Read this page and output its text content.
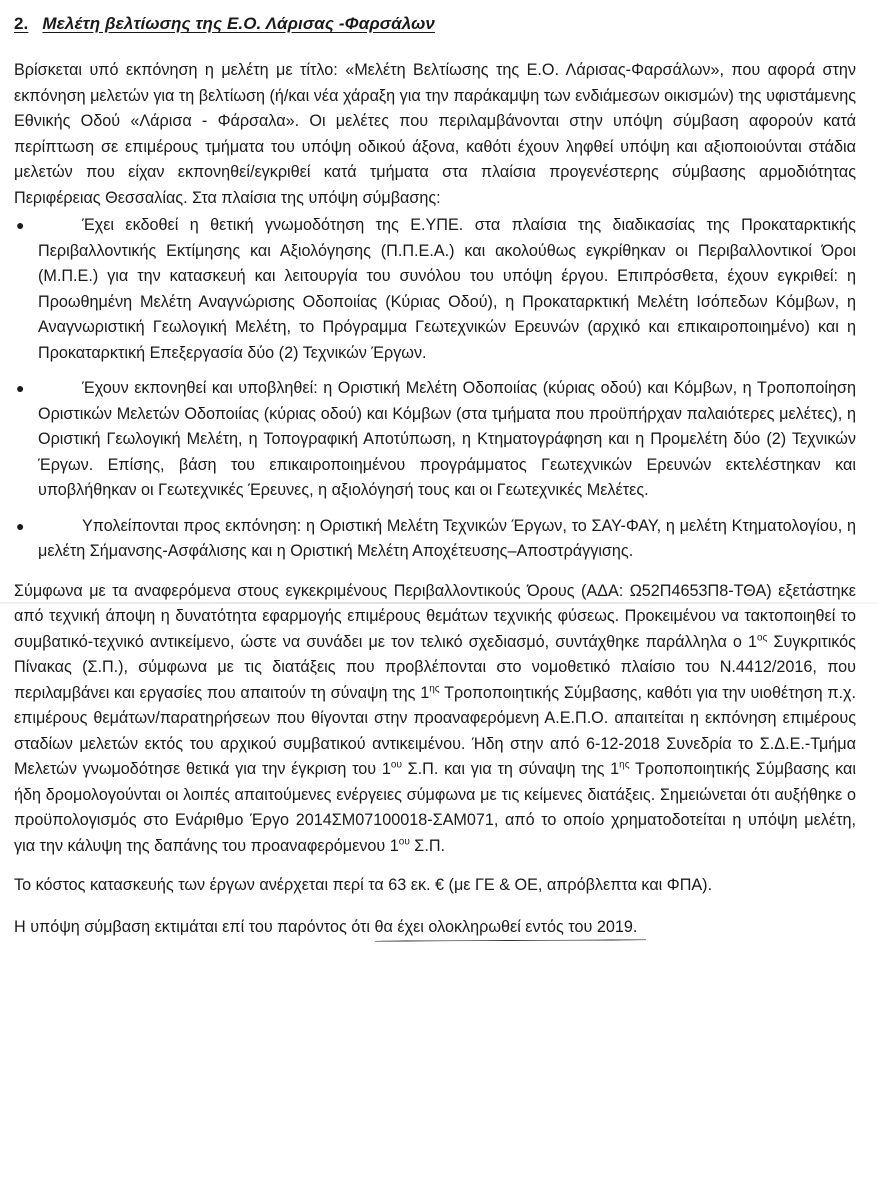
2. Μελέτη βελτίωσης της Ε.Ο. Λάρισας -Φαρσάλων

Βρίσκεται υπό εκπόνηση η μελέτη με τίτλο: «Μελέτη Βελτίωσης της Ε.Ο. Λάρισας-Φαρσάλων», που αφορά στην εκπόνηση μελετών για τη βελτίωση (ή/και νέα χάραξη για την παράκαμψη των ενδιάμεσων οικισμών) της υφιστάμενης Εθνικής Οδού «Λάρισα - Φάρσαλα». Οι μελέτες που περιλαμβάνονται στην υπόψη σύμβαση αφορούν κατά περίπτωση σε επιμέρους τμήματα του υπόψη οδικού άξονα, καθότι έχουν ληφθεί υπόψη και αξιοποιούνται στάδια μελετών που είχαν εκπονηθεί/εγκριθεί κατά τμήματα στα πλαίσια προγενέστερης σύμβασης αρμοδιότητας Περιφέρειας Θεσσαλίας. Στα πλαίσια της υπόψη σύμβασης:

●	Έχει εκδοθεί η θετική γνωμοδότηση της Ε.ΥΠΕ. στα πλαίσια της διαδικασίας της Προκαταρκτικής Περιβαλλοντικής Εκτίμησης και Αξιολόγησης (Π.Π.Ε.Α.) και ακολούθως εγκρίθηκαν οι Περιβαλλοντικοί Όροι (Μ.Π.Ε.) για την κατασκευή και λειτουργία του συνόλου του υπόψη έργου. Επιπρόσθετα, έχουν εγκριθεί: η Προωθημένη Μελέτη Αναγνώρισης Οδοποιίας (Κύριας Οδού), η Προκαταρκτική Μελέτη Ισόπεδων Κόμβων, η Αναγνωριστική Γεωλογική Μελέτη, το Πρόγραμμα Γεωτεχνικών Ερευνών (αρχικό και επικαιροποιημένο) και η Προκαταρκτική Επεξεργασία δύο (2) Τεχνικών Έργων.
●	Έχουν εκπονηθεί και υποβληθεί: η Οριστική Μελέτη Οδοποιίας (κύριας οδού) και Κόμβων, η Τροποποίηση Οριστικών Μελετών Οδοποιίας (κύριας οδού) και Κόμβων (στα τμήματα που προϋπήρχαν παλαιότερες μελέτες), η Οριστική Γεωλογική Μελέτη, η Τοπογραφική Αποτύπωση, η Κτηματογράφηση και η Προμελέτη δύο (2) Τεχνικών Έργων. Επίσης, βάση του επικαιροποιημένου προγράμματος Γεωτεχνικών Ερευνών εκτελέστηκαν και υποβλήθηκαν οι Γεωτεχνικές Έρευνες, η αξιολόγησή τους και οι Γεωτεχνικές Μελέτες.
●	Υπολείπονται προς εκπόνηση: η Οριστική Μελέτη Τεχνικών Έργων, το ΣΑΥ-ΦΑΥ, η μελέτη Κτηματολογίου, η μελέτη Σήμανσης-Ασφάλισης και η Οριστική Μελέτη Αποχέτευσης–Αποστράγγισης.

Σύμφωνα με τα αναφερόμενα στους εγκεκριμένους Περιβαλλοντικούς Όρους (ΑΔΑ: Ω52Π4653Π8-ΤΘΑ) εξετάστηκε από τεχνική άποψη η δυνατότητα εφαρμογής επιμέρους θεμάτων τεχνικής φύσεως. Προκειμένου να τακτοποιηθεί το συμβατικό-τεχνικό αντικείμενο, ώστε να συνάδει με τον τελικό σχεδιασμό, συντάχθηκε παράλληλα ο $1^{o\varsigma}$ Συγκριτικός Πίνακας (Σ.Π.), σύμφωνα με τις διατάξεις που προβλέπονται στο νομοθετικό πλαίσιο του Ν.4412/2016, που περιλαμβάνει και εργασίες που απαιτούν τη σύναψη της $1^{\eta\varsigma}$ Τροποποιητικής Σύμβασης, καθότι για την υιοθέτηση π.χ. επιμέρους θεμάτων/παρατηρήσεων που θίγονται στην προαναφερόμενη Α.Ε.Π.Ο. απαιτείται η εκπόνηση επιμέρους σταδίων μελετών εκτός του αρχικού συμβατικού αντικειμένου. Ήδη στην από 6-12-2018 Συνεδρία το Σ.Δ.Ε.-Τμήμα Μελετών γνωμοδότησε θετικά για την έγκριση του $1^{o\upsilon}$ Σ.Π. και για τη σύναψη της $1^{\eta\varsigma}$ Τροποποιητικής Σύμβασης και ήδη δρομολογούνται οι λοιπές απαιτούμενες ενέργειες σύμφωνα με τις κείμενες διατάξεις. Σημειώνεται ότι αυξήθηκε ο προϋπολογισμός στο Ενάριθμο Έργο 2014ΣΜ07100018-ΣΑΜ071, από το οποίο χρηματοδοτείται η υπόψη μελέτη, για την κάλυψη της δαπάνης του προαναφερόμενου $1^{o\upsilon}$ Σ.Π.

Το κόστος κατασκευής των έργων ανέρχεται περί τα 63 εκ. € (με ΓΕ & ΟΕ, απρόβλεπτα και ΦΠΑ).

Η υπόψη σύμβαση εκτιμάται επί του παρόντος ότι θα έχει ολοκληρωθεί εντός του 2019.
